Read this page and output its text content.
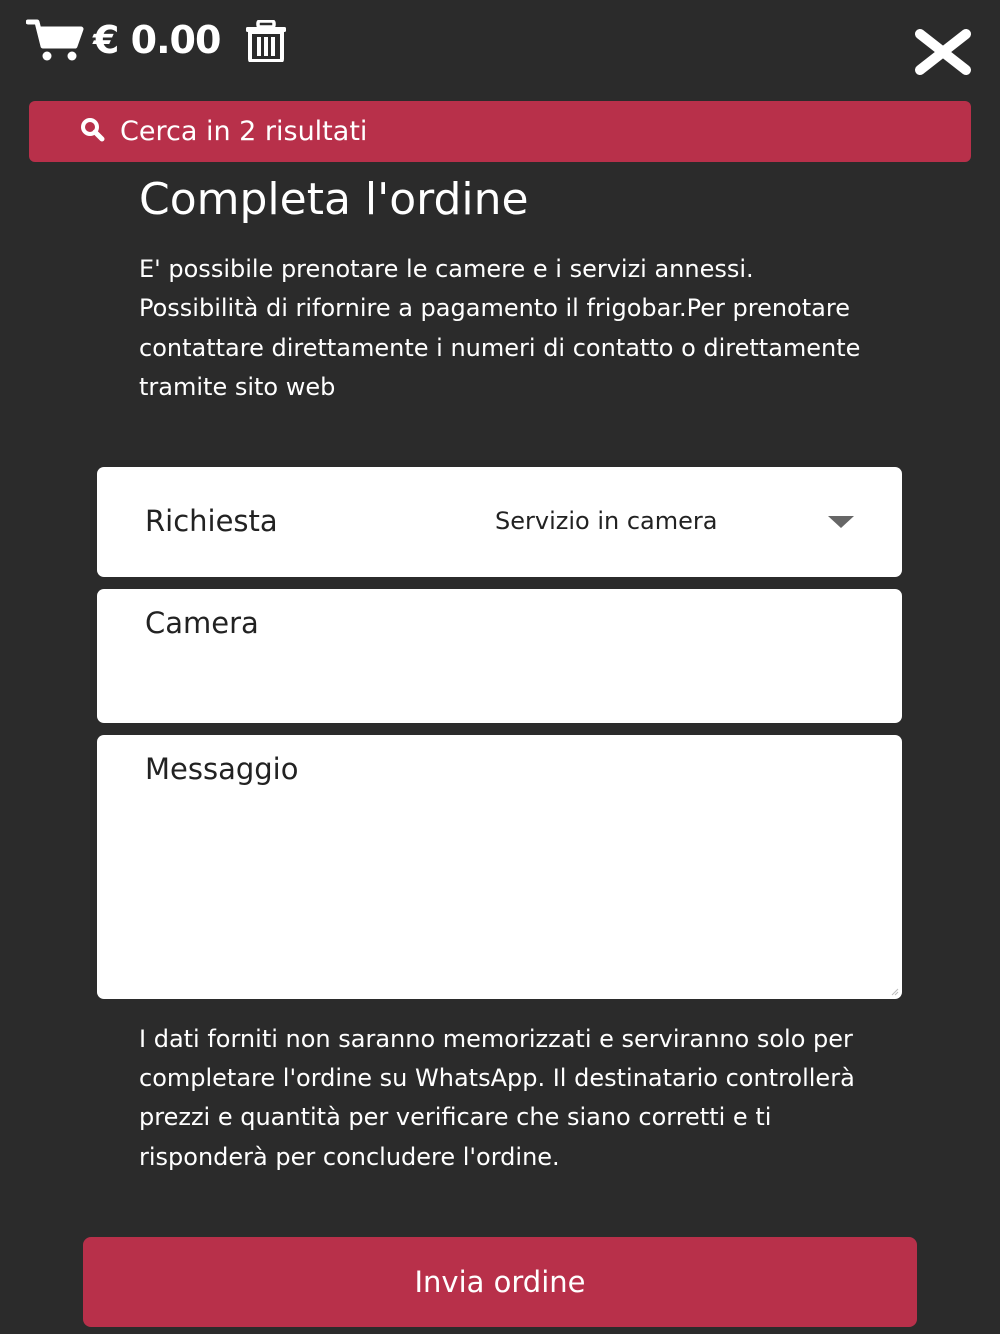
€ 0.00
Cerca in 2 risultati
Completa l'ordine

E' possibile prenotare le camere e i servizi annessi. Possibilità di rifornire a pagamento il frigobar.Per prenotare contattare direttamente i numeri di contatto o direttamente tramite sito web

Richiesta	Servizio in camera
Camera
Messaggio

I dati forniti non saranno memorizzati e serviranno solo per completare l'ordine su WhatsApp. Il destinatario controllerà prezzi e quantità per verificare che siano corretti e ti risponderà per concludere l'ordine.

Invia ordine
